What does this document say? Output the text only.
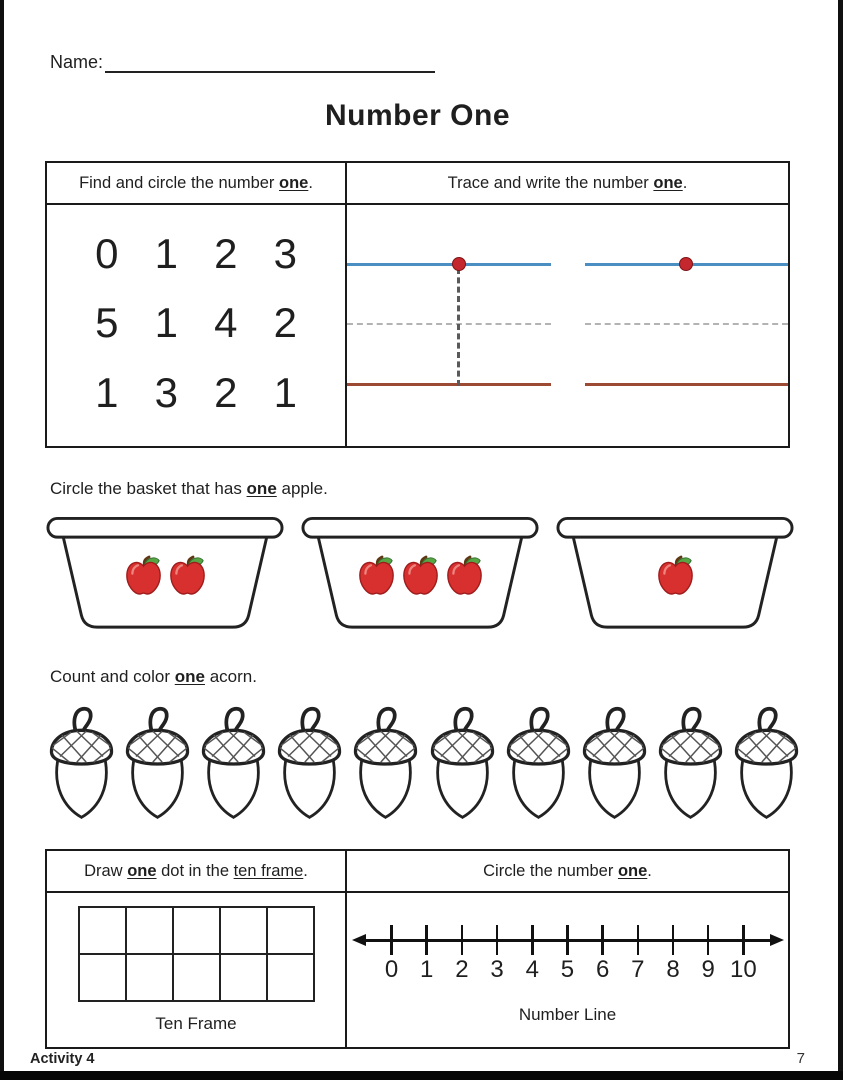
Name:
Number One
Find and circle the number one.	Trace and write the number one.
0 1 2 3
5 1 4 2
1 3 2 1
Circle the basket that has one apple.
Count and color one acorn.
Draw one dot in the ten frame.	Circle the number one.
Ten Frame
0 1 2 3 4 5 6 7 8 9 10
Number Line
Activity 4	7
